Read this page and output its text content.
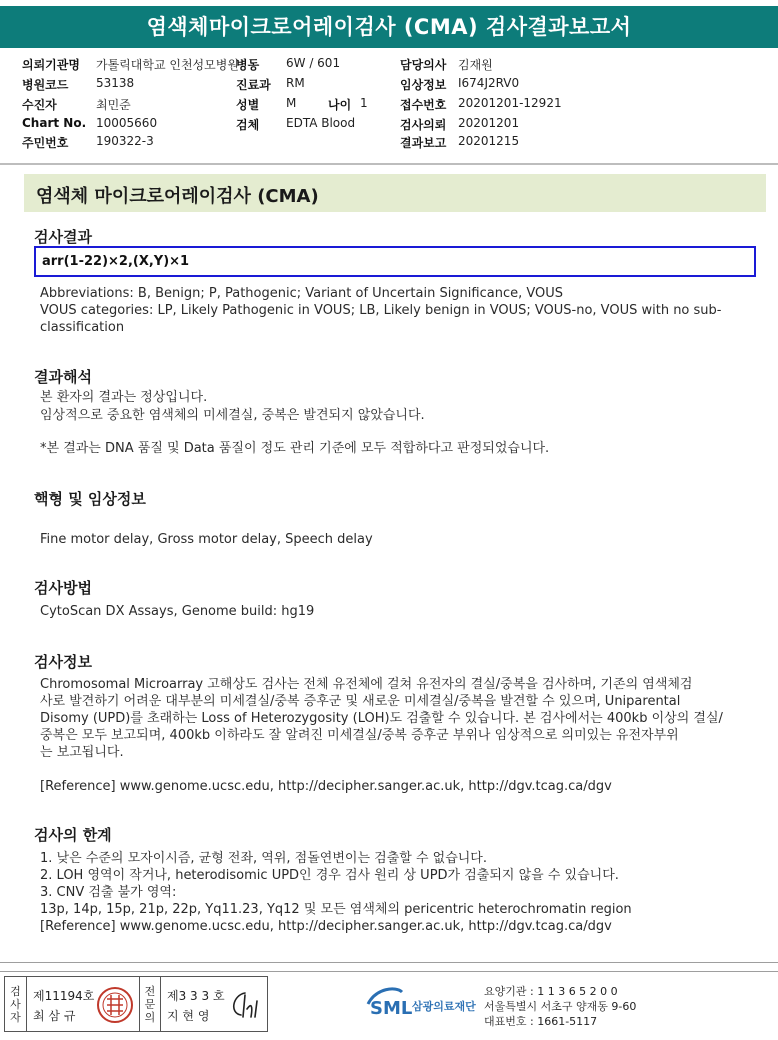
염색체마이크로어레이검사 (CMA) 검사결과보고서
의뢰기관명 가톨릭대학교 인천성모병원
병동 6W / 601	담당의사 김재원
병원코드 53138	진료과 RM	임상정보 I674J2RV0
수진자	최민준	성별 M	나이 1	접수번호 20201201-12921
Chart No. 10005660	검체 EDTA Blood	검사의뢰 20201201
주민번호 190322-3	결과보고 20201215
염색체 마이크로어레이검사 (CMA)
검사결과
arr(1-22)×2,(X,Y)×1
Abbreviations: B, Benign; P, Pathogenic; Variant of Uncertain Significance, VOUS
VOUS categories: LP, Likely Pathogenic in VOUS; LB, Likely benign in VOUS; VOUS-no, VOUS with no sub-
classification
결과해석
본 환자의 결과는 정상입니다.
임상적으로 중요한 염색체의 미세결실, 중복은 발견되지 않았습니다.
*본 결과는 DNA 품질 및 Data 품질이 정도 관리 기준에 모두 적합하다고 판정되었습니다.
핵형 및 임상정보
Fine motor delay, Gross motor delay, Speech delay
검사방법
CytoScan DX Assays, Genome build: hg19
검사정보
Chromosomal Microarray 고해상도 검사는 전체 유전체에 걸쳐 유전자의 결실/중복을 검사하며, 기존의 염색체검
사로 발견하기 어려운 대부분의 미세결실/중복 증후군 및 새로운 미세결실/중복을 발견할 수 있으며, Uniparental
Disomy (UPD)를 초래하는 Loss of Heterozygosity (LOH)도 검출할 수 있습니다. 본 검사에서는 400kb 이상의 결실/
중복은 모두 보고되며, 400kb 이하라도 잘 알려진 미세결실/중복 증후군 부위나 임상적으로 의미있는 유전자부위
는 보고됩니다.
[Reference] www.genome.ucsc.edu, http://decipher.sanger.ac.uk, http://dgv.tcag.ca/dgv
검사의 한계
1. 낮은 수준의 모자이시즘, 균형 전좌, 역위, 점돌연변이는 검출할 수 없습니다.
2. LOH 영역이 작거나, heterodisomic UPD인 경우 검사 원리 상 UPD가 검출되지 않을 수 있습니다.
3. CNV 검출 불가 영역:
13p, 14p, 15p, 21p, 22p, Yq11.23, Yq12 및 모든 염색체의 pericentric heterochromatin region
[Reference] www.genome.ucsc.edu, http://decipher.sanger.ac.uk, http://dgv.tcag.ca/dgv
검
사
자
제11194호
최 삼 규
전
문
의
제3 3 3 호
지 현 영	SML 삼광의료재단
요양기관 : 1 1 3 6 5 2 0 0
서울특별시 서초구 양재동 9-60
대표번호 : 1661-5117
